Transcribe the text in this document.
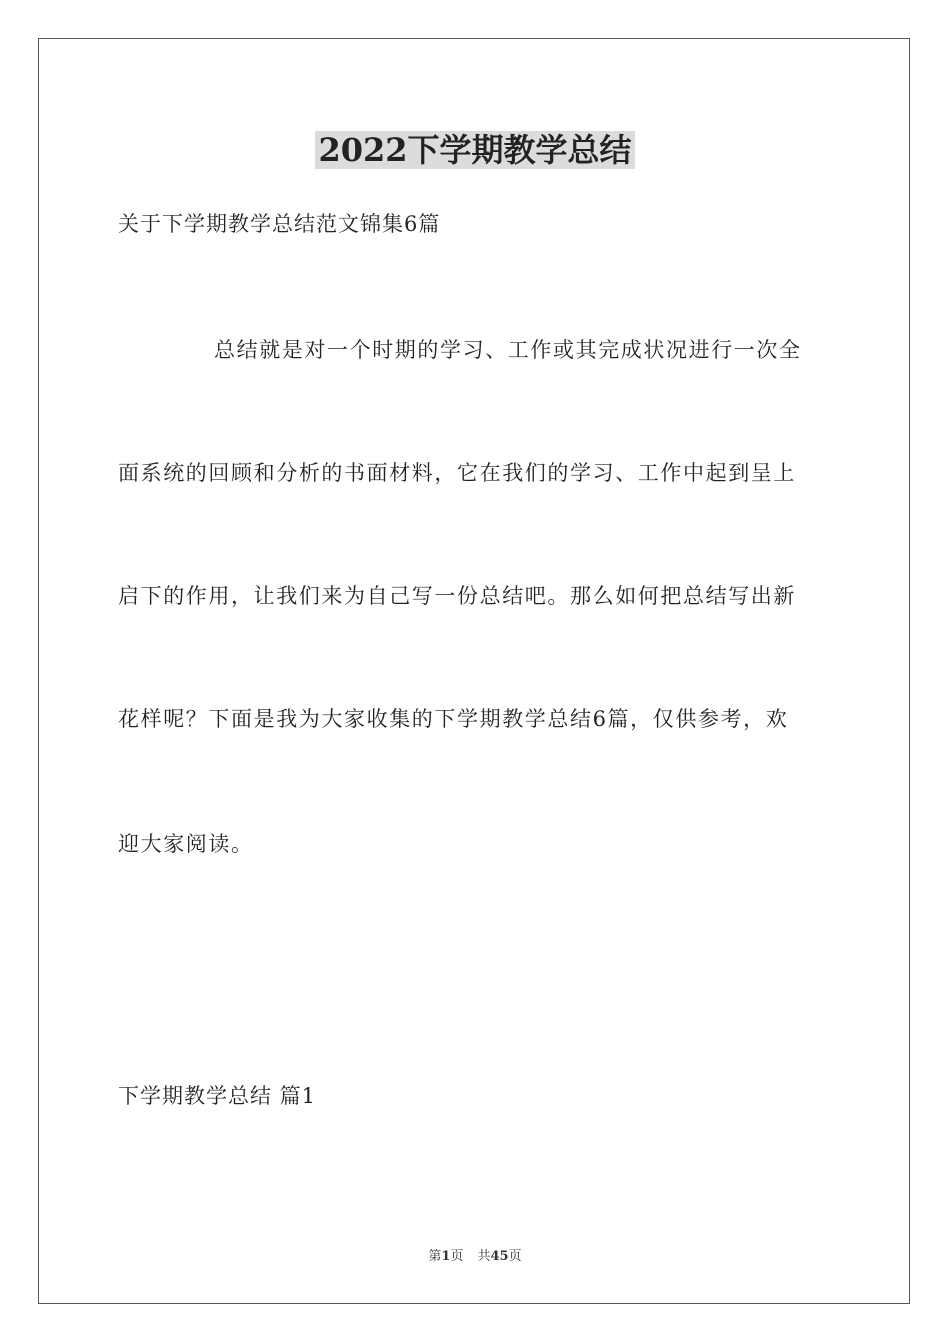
2022下学期教学总结
关于下学期教学总结范文锦集6篇
总结就是对一个时期的学习、工作或其完成状况进行一次全
面系统的回顾和分析的书面材料，它在我们的学习、工作中起到呈上
启下的作用，让我们来为自己写一份总结吧。那么如何把总结写出新
花样呢？下面是我为大家收集的下学期教学总结6篇，仅供参考，欢
迎大家阅读。
下学期教学总结 篇1
第1页 共45页
